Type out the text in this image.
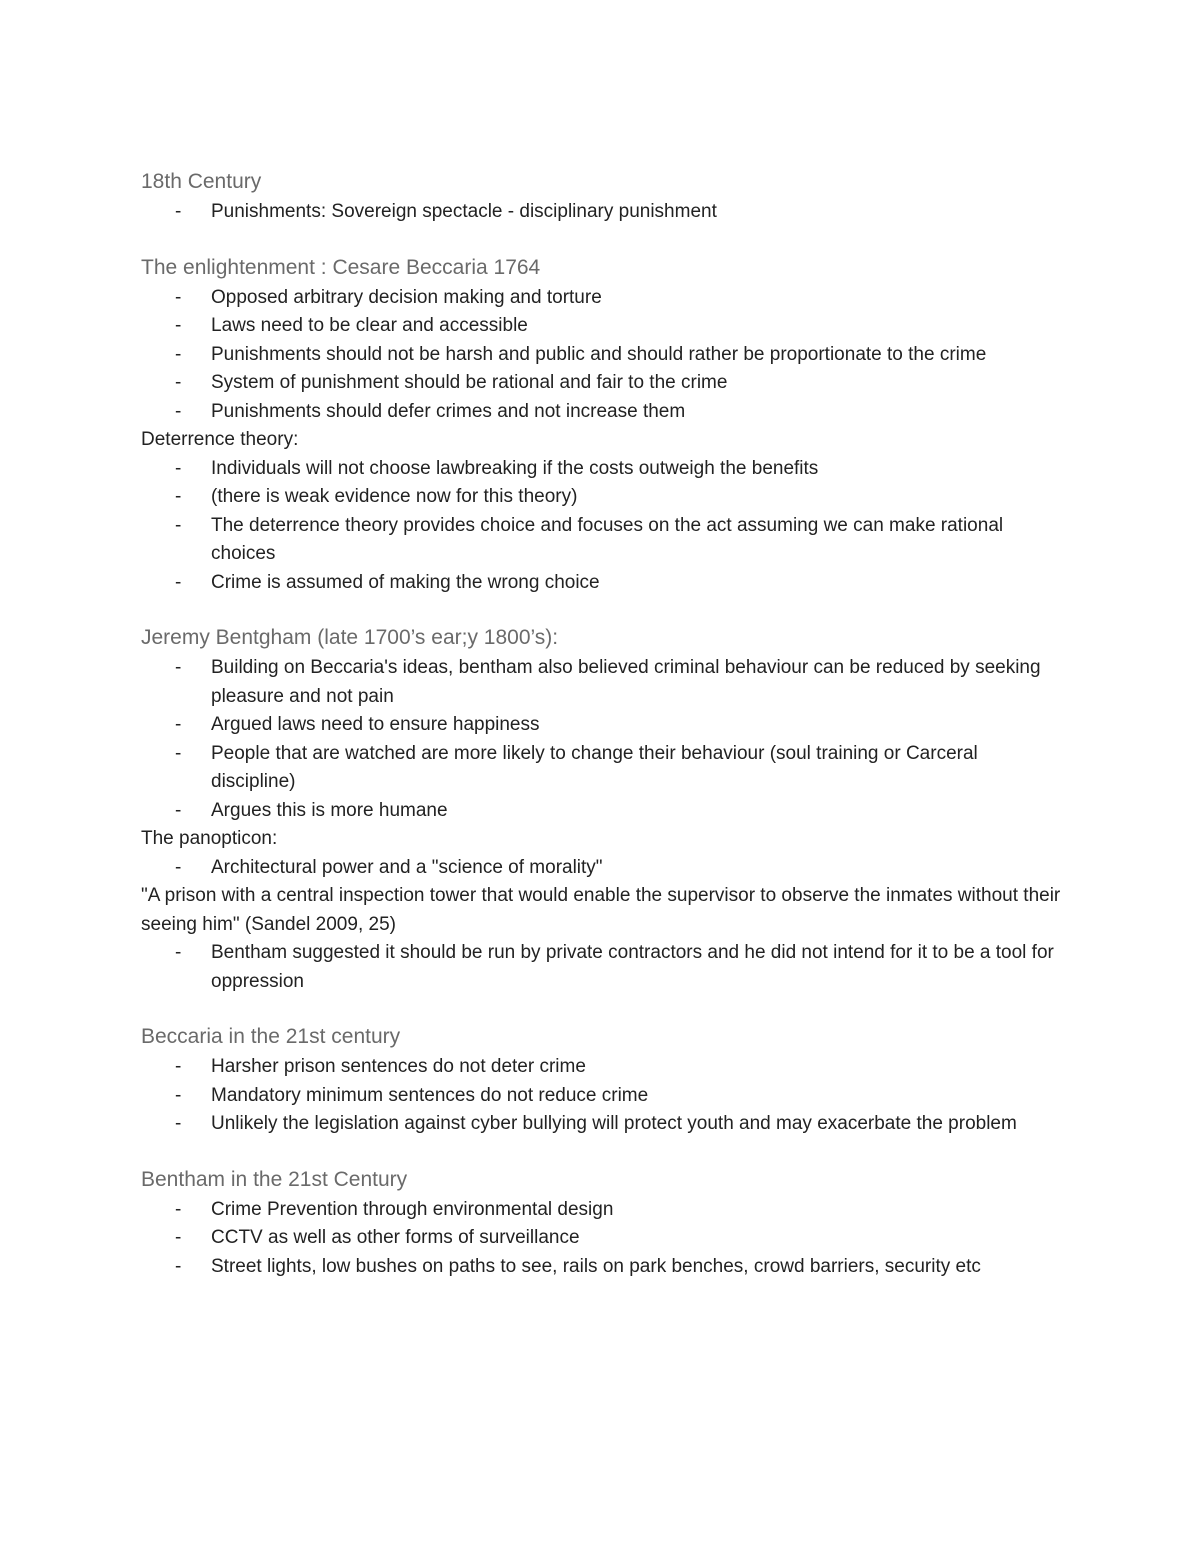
18th Century
- Punishments: Sovereign spectacle - disciplinary punishment
The enlightenment : Cesare Beccaria 1764
- Opposed arbitrary decision making and torture
- Laws need to be clear and accessible
- Punishments should not be harsh and public and should rather be proportionate to the crime
- System of punishment should be rational and fair to the crime
- Punishments should defer crimes and not increase them

Deterrence theory:

- Individuals will not choose lawbreaking if the costs outweigh the benefits
- (there is weak evidence now for this theory)
- The deterrence theory provides choice and focuses on the act assuming we can make rational choices
- Crime is assumed of making the wrong choice
Jeremy Bentgham (late 1700’s ear;y 1800’s):
- Building on Beccaria's ideas, bentham also believed criminal behaviour can be reduced by seeking pleasure and not pain
- Argued laws need to ensure happiness
- People that are watched are more likely to change their behaviour (soul training or Carceral discipline)
- Argues this is more humane

The panopticon:

- Architectural power and a "science of morality"

"A prison with a central inspection tower that would enable the supervisor to observe the inmates without their seeing him" (Sandel 2009, 25)

- Bentham suggested it should be run by private contractors and he did not intend for it to be a tool for oppression
Beccaria in the 21st century
- Harsher prison sentences do not deter crime
- Mandatory minimum sentences do not reduce crime
- Unlikely the legislation against cyber bullying will protect youth and may exacerbate the problem
Bentham in the 21st Century
- Crime Prevention through environmental design
- CCTV as well as other forms of surveillance
- Street lights, low bushes on paths to see, rails on park benches, crowd barriers, security etc
